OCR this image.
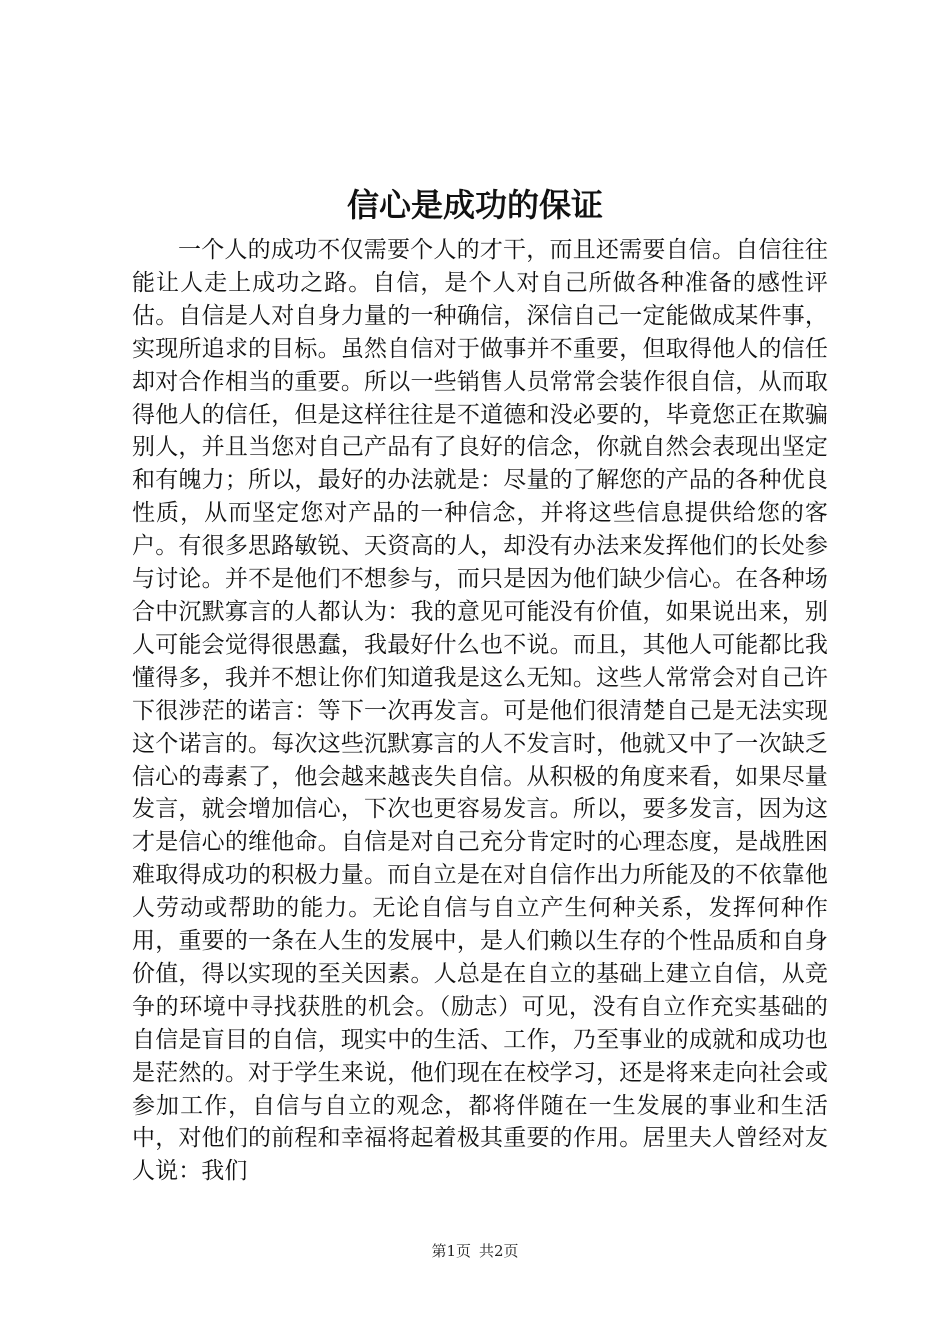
信心是成功的保证

一个人的成功不仅需要个人的才干，而且还需要自信。自信往往能让人走上成功之路。自信，是个人对自己所做各种准备的感性评估。自信是人对自身力量的一种确信，深信自己一定能做成某件事，实现所追求的目标。虽然自信对于做事并不重要，但取得他人的信任却对合作相当的重要。所以一些销售人员常常会装作很自信，从而取得他人的信任，但是这样往往是不道德和没必要的，毕竟您正在欺骗别人，并且当您对自己产品有了良好的信念，你就自然会表现出坚定和有魄力；所以，最好的办法就是：尽量的了解您的产品的各种优良性质，从而坚定您对产品的一种信念，并将这些信息提供给您的客户。有很多思路敏锐、天资高的人，却没有办法来发挥他们的长处参与讨论。并不是他们不想参与，而只是因为他们缺少信心。在各种场合中沉默寡言的人都认为：我的意见可能没有价值，如果说出来，别人可能会觉得很愚蠢，我最好什么也不说。而且，其他人可能都比我懂得多，我并不想让你们知道我是这么无知。这些人常常会对自己许下很涉茫的诺言：等下一次再发言。可是他们很清楚自己是无法实现这个诺言的。每次这些沉默寡言的人不发言时，他就又中了一次缺乏信心的毒素了，他会越来越丧失自信。从积极的角度来看，如果尽量发言，就会增加信心，下次也更容易发言。所以，要多发言，因为这才是信心的维他命。自信是对自己充分肯定时的心理态度，是战胜困难取得成功的积极力量。而自立是在对自信作出力所能及的不依靠他人劳动或帮助的能力。无论自信与自立产生何种关系，发挥何种作用，重要的一条在人生的发展中，是人们赖以生存的个性品质和自身价值，得以实现的至关因素。人总是在自立的基础上建立自信，从竞争的环境中寻找获胜的机会。（励志）可见，没有自立作充实基础的自信是盲目的自信，现实中的生活、工作，乃至事业的成就和成功也是茫然的。对于学生来说，他们现在在校学习，还是将来走向社会或参加工作，自信与自立的观念，都将伴随在一生发展的事业和生活中，对他们的前程和幸福将起着极其重要的作用。居里夫人曾经对友人说：我们

第1页 共2页
